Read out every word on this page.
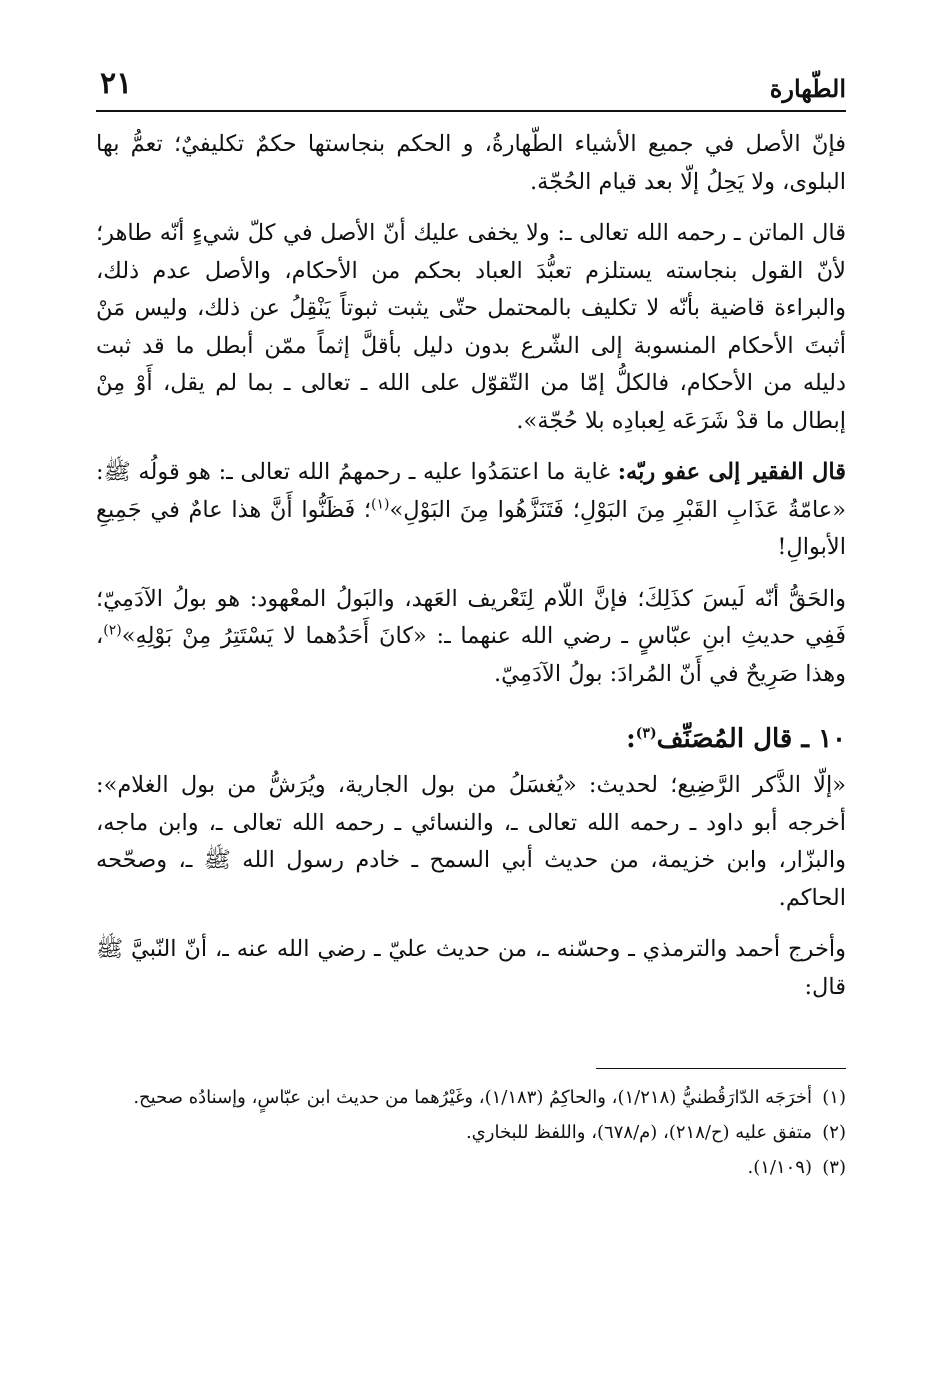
الطّهارة
٢١

فإنّ الأصل في جميع الأشياء الطّهارةُ، و الحكم بنجاستها حكمٌ تكليفيٌ؛ تعمُّ بها البلوى، ولا يَحِلُ إلّا بعد قيام الحُجّة.

قال الماتن ـ رحمه الله تعالى ـ: ولا يخفى عليك أنّ الأصل في كلّ شيءٍ أنّه طاهر؛ لأنّ القول بنجاسته يستلزم تعبُّدَ العباد بحكم من الأحكام، والأصل عدم ذلك، والبراءة قاضية بأنّه لا تكليف بالمحتمل حتّى يثبت ثبوتاً يَنْقِلُ عن ذلك، وليس مَنْ أثبتَ الأحكام المنسوبة إلى الشّرع بدون دليل بأقلَّ إثماً ممّن أبطل ما قد ثبت دليله من الأحكام، فالكلُّ إمّا من التّقوّل على الله ـ تعالى ـ بما لم يقل، أَوْ مِنْ إبطال ما قدْ شَرَعَه لِعبادِه بلا حُجّة».

قال الفقير إلى عفو ربّه: غاية ما اعتمَدُوا عليه ـ رحمهمُ الله تعالى ـ: هو قولُه ﷺ: «عامّةُ عَذَابِ القَبْرِ مِنَ البَوْلِ؛ فَتَنَزَّهُوا مِنَ البَوْلِ»$^{(١)}$؛ فَظَنُّوا أَنَّ هذا عامٌ في جَمِيعِ الأبوالِ!

والحَقُّ أنّه لَيسَ كذَلِكَ؛ فإنَّ اللّام لِتَعْريف العَهد، والبَولُ المعْهود: هو بولُ الآدَمِيّ؛ فَفِي حديثِ ابنِ عبّاسٍ ـ رضي الله عنهما ـ: «كانَ أَحَدُهما لا يَسْتَتِرُ مِنْ بَوْلِهِ»$^{(٢)}$، وهذا صَرِيحٌ في أَنّ المُرادَ: بولُ الآدَمِيّ.

١٠ ـ قال المُصَنِّف$^{(٣)}$:

«إلّا الذَّكر الرَّضِيع؛ لحديث: «يُغسَلُ من بول الجارية، ويُرَشُّ من بول الغلام»: أخرجه أبو داود ـ رحمه الله تعالى ـ، والنسائي ـ رحمه الله تعالى ـ، وابن ماجه، والبزّار، وابن خزيمة، من حديث أبي السمح ـ خادم رسول الله ﷺ ـ، وصحّحه الحاكم.

وأخرج أحمد والترمذي ـ وحسّنه ـ، من حديث عليّ ـ رضي الله عنه ـ، أنّ النّبيَّ ﷺ قال:

(١)أخرَجَه الدّارَقُطنيُّ (١/٢١٨)، والحاكِمُ (١/١٨٣)، وغَيْرُهما من حديث ابن عبّاسٍ، وإسنادُه صحيح.

(٢)متفق عليه (ح/٢١٨)، (م/٦٧٨)، واللفظ للبخاري.

(٣)(١/١٠٩).
